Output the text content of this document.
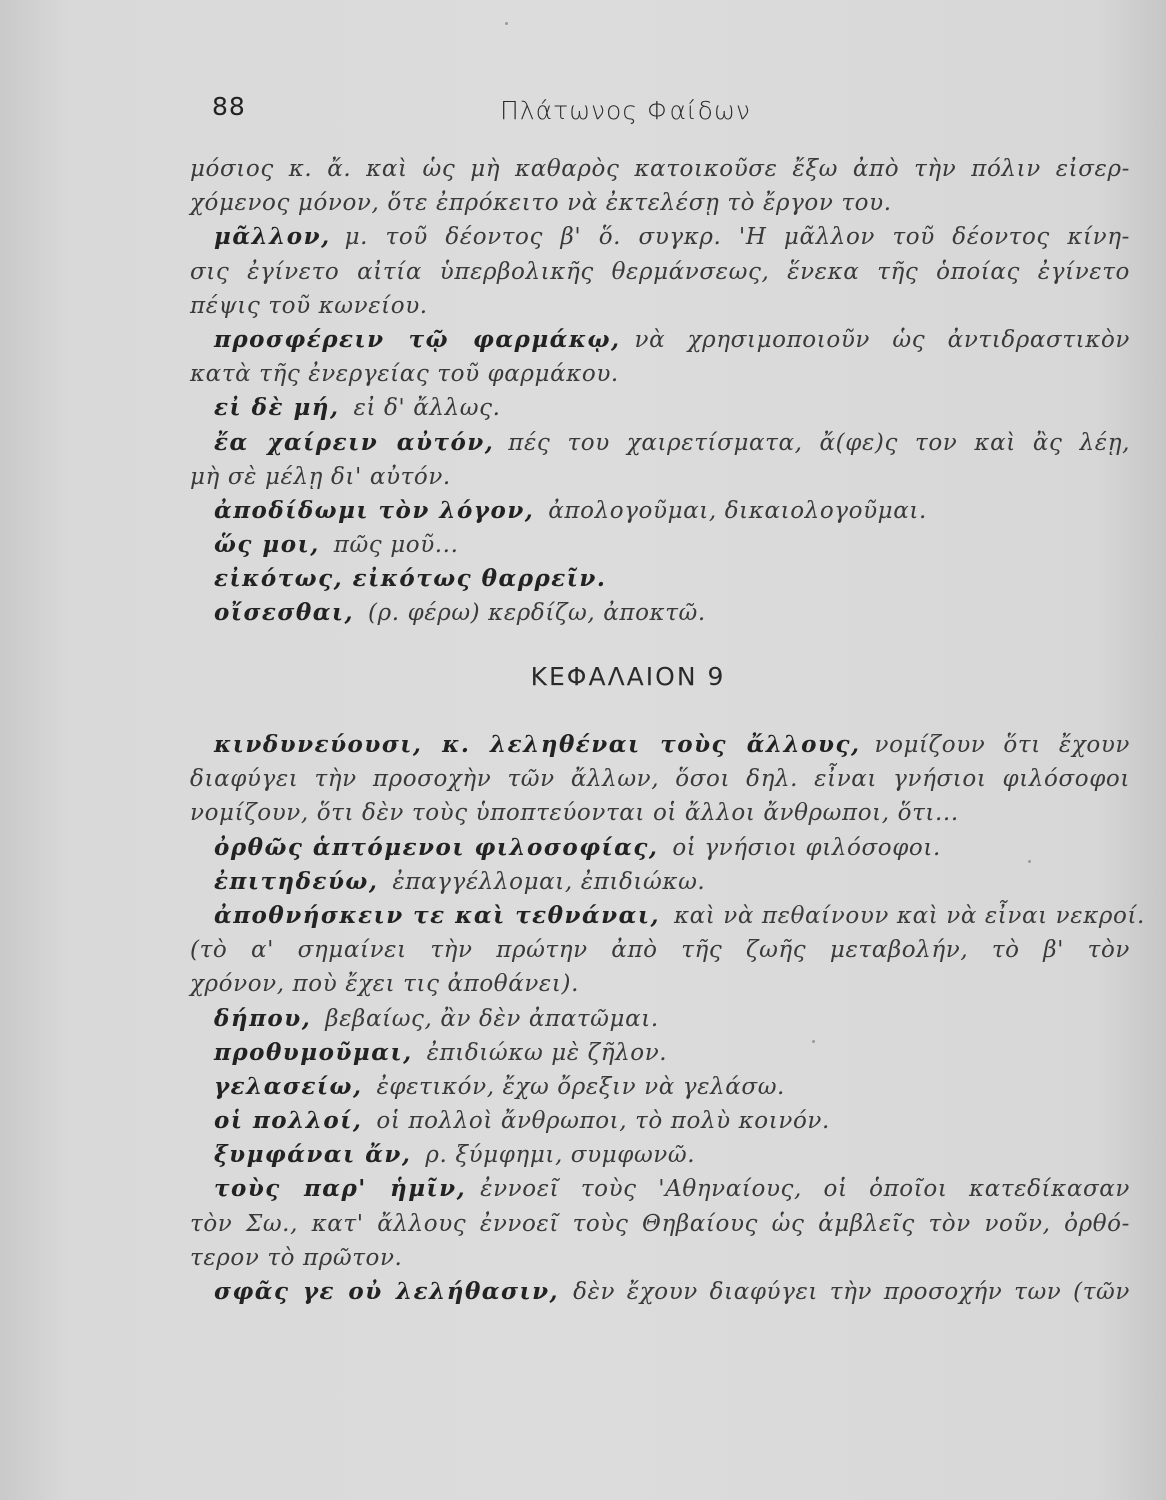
88	Πλάτωνος Φαίδων
μόσιος κ. ἄ. καὶ ὡς μὴ καθαρὸς κατοικοῦσε ἔξω ἀπὸ τὴν πόλιν εἰσερ-
χόμενος μόνον, ὅτε ἐπρόκειτο νὰ ἐκτελέσῃ τὸ ἔργον του.
μᾶλλον, μ. τοῦ δέοντος β' ὅ. συγκρ. 'Η μᾶλλον τοῦ δέοντος κίνη-
σις ἐγίνετο αἰτία ὑπερβολικῆς θερμάνσεως, ἕνεκα τῆς ὁποίας ἐγίνετο
πέψις τοῦ κωνείου.
προσφέρειν τῷ φαρμάκῳ, νὰ χρησιμοποιοῦν ὡς ἀντιδραστικὸν
κατὰ τῆς ἐνεργείας τοῦ φαρμάκου.
εἰ δὲ μή, εἰ δ' ἄλλως.
ἔα χαίρειν αὐτόν, πές του χαιρετίσματα, ἄ(φε)ς τον καὶ ἂς λέῃ,
μὴ σὲ μέλῃ δι' αὐτόν.
ἀποδίδωμι τὸν λόγον, ἀπολογοῦμαι, δικαιολογοῦμαι.
ὥς μοι, πῶς μοῦ...
εἰκότως, εἰκότως θαρρεῖν.
οἴσεσθαι, (ρ. φέρω) κερδίζω, ἀποκτῶ.
ΚΕΦΑΛΑΙΟΝ 9
κινδυνεύουσι, κ. λεληθέναι τοὺς ἄλλους, νομίζουν ὅτι ἔχουν
διαφύγει τὴν προσοχὴν τῶν ἄλλων, ὅσοι δηλ. εἶναι γνήσιοι φιλόσοφοι
νομίζουν, ὅτι δὲν τοὺς ὑποπτεύονται οἱ ἄλλοι ἄνθρωποι, ὅτι...
ὀρθῶς ἁπτόμενοι φιλοσοφίας, οἱ γνήσιοι φιλόσοφοι.
ἐπιτηδεύω, ἐπαγγέλλομαι, ἐπιδιώκω.
ἀποθνήσκειν τε καὶ τεθνάναι, καὶ νὰ πεθαίνουν καὶ νὰ εἶναι νεκροί.
(τὸ α' σημαίνει τὴν πρώτην ἀπὸ τῆς ζωῆς μεταβολήν, τὸ β' τὸν
χρόνον, ποὺ ἔχει τις ἀποθάνει).
δήπου, βεβαίως, ἂν δὲν ἀπατῶμαι.
προθυμοῦμαι, ἐπιδιώκω μὲ ζῆλον.
γελασείω, ἐφετικόν, ἔχω ὄρεξιν νὰ γελάσω.
οἱ πολλοί, οἱ πολλοὶ ἄνθρωποι, τὸ πολὺ κοινόν.
ξυμφάναι ἄν, ρ. ξύμφημι, συμφωνῶ.
τοὺς παρ' ἡμῖν, ἐννοεῖ τοὺς 'Αθηναίους, οἱ ὁποῖοι κατεδίκασαν
τὸν Σω., κατ' ἄλλους ἐννοεῖ τοὺς Θηβαίους ὡς ἀμβλεῖς τὸν νοῦν, ὀρθό-
τερον τὸ πρῶτον.
σφᾶς γε οὐ λελήθασιν, δὲν ἔχουν διαφύγει τὴν προσοχήν των (τῶν
